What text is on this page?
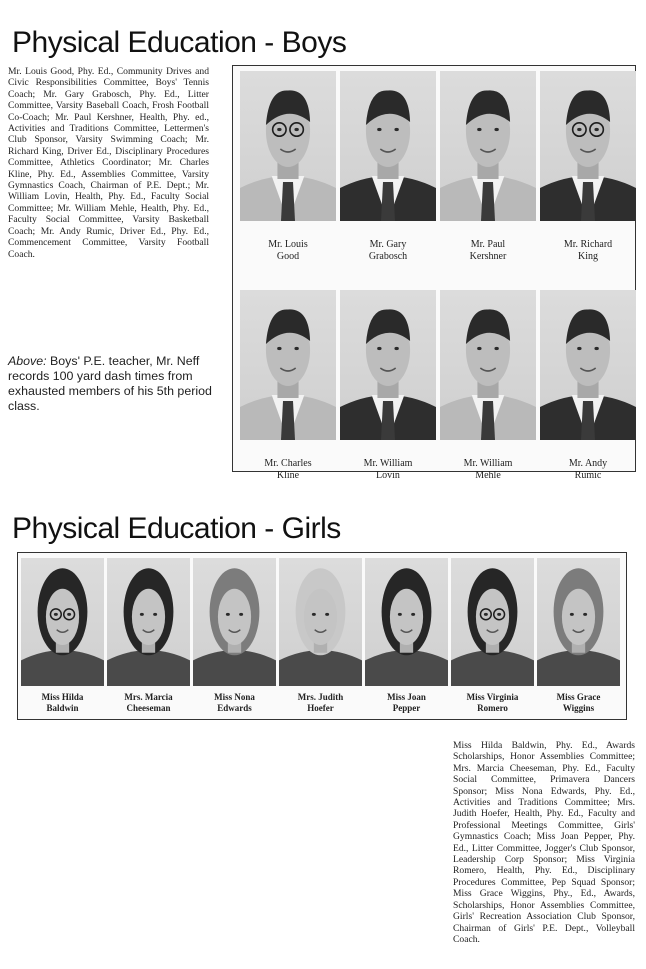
Physical Education - Boys

Mr. Louis Good, Phy. Ed., Community Drives and Civic Responsibilities Committee, Boys' Tennis Coach; Mr. Gary Grabosch, Phy. Ed., Litter Committee, Varsity Baseball Coach, Frosh Football Co-Coach; Mr. Paul Kershner, Health, Phy. ed., Activities and Traditions Committee, Lettermen's Club Sponsor, Varsity Swimming Coach; Mr. Richard King, Driver Ed., Disciplinary Procedures Committee, Athletics Coordinator; Mr. Charles Kline, Phy. Ed., Assemblies Committee, Varsity Gymnastics Coach, Chairman of P.E. Dept.; Mr. William Lovin, Health, Phy. Ed., Faculty Social Committee; Mr. William Mehle, Health, Phy. Ed., Faculty Social Committee, Varsity Basketball Coach; Mr. Andy Rumic, Driver Ed., Phy. Ed., Commencement Committee, Varsity Football Coach.

Above: Boys' P.E. teacher, Mr. Neff records 100 yard dash times from exhausted members of his 5th period class.

Mr. Louis
Good
Mr. Gary
Grabosch
Mr. Paul
Kershner
Mr. Richard
King
Mr. Charles
Kline
Mr. William
Lovin
Mr. William
Mehle
Mr. Andy
Rumic
Physical Education - Girls
Miss Hilda
Baldwin
Mrs. Marcia
Cheeseman
Miss Nona
Edwards
Mrs. Judith
Hoefer
Miss Joan
Pepper
Miss Virginia
Romero
Miss Grace
Wiggins

Miss Hilda Baldwin, Phy. Ed., Awards Scholarships, Honor Assemblies Committee; Mrs. Marcia Cheeseman, Phy. Ed., Faculty Social Committee, Primavera Dancers Sponsor; Miss Nona Edwards, Phy. Ed., Activities and Traditions Committee; Mrs. Judith Hoefer, Health, Phy. Ed., Faculty and Professional Meetings Committee, Girls' Gymnastics Coach; Miss Joan Pepper, Phy. Ed., Litter Committee, Jogger's Club Sponsor, Leadership Corp Sponsor; Miss Virginia Romero, Health, Phy. Ed., Disciplinary Procedures Committee, Pep Squad Sponsor; Miss Grace Wiggins, Phy., Ed., Awards, Scholarships, Honor Assemblies Committee, Girls' Recreation Association Club Sponsor, Chairman of Girls' P.E. Dept., Volleyball Coach.
